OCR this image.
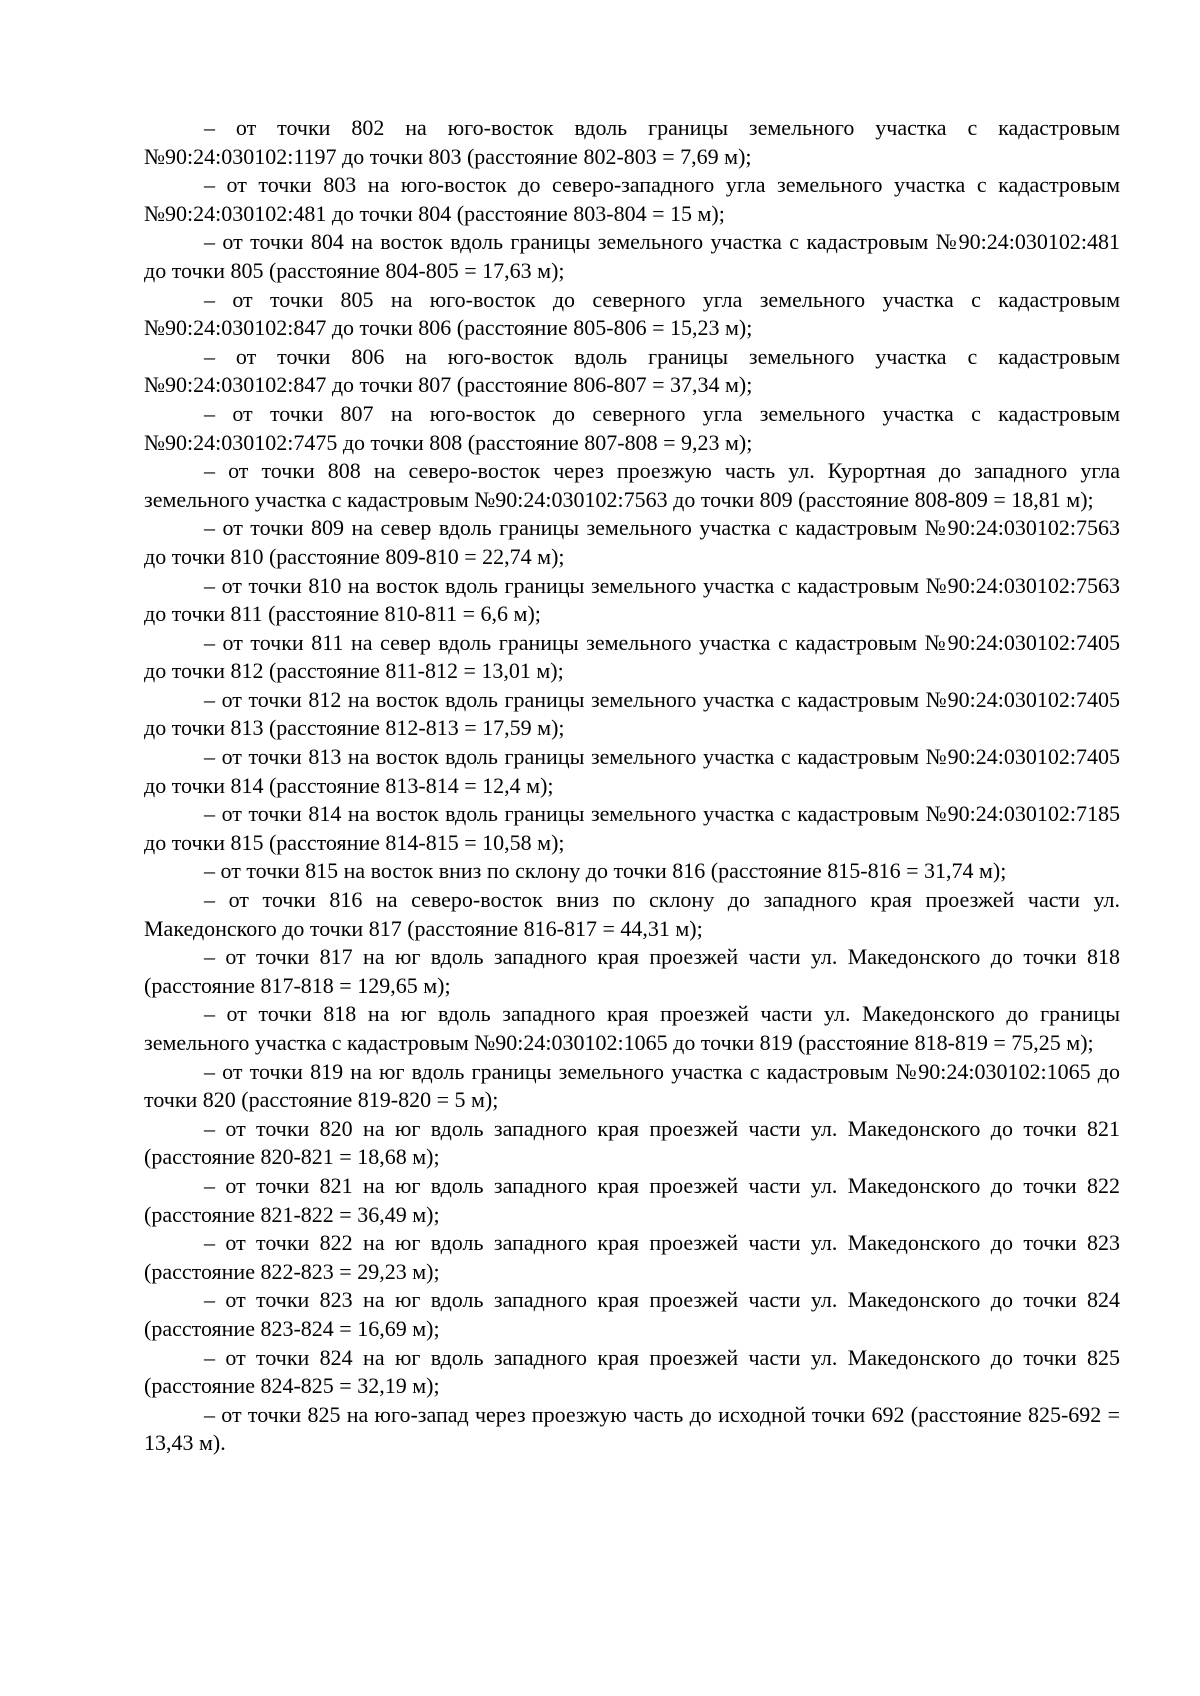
– от точки 802 на юго-восток вдоль границы земельного участка с кадастровым №90:24:030102:1197 до точки 803 (расстояние 802-803 = 7,69 м);

– от точки 803 на юго-восток до северо-западного угла земельного участка с кадастровым №90:24:030102:481 до точки 804 (расстояние 803-804 = 15 м);

– от точки 804 на восток вдоль границы земельного участка с кадастровым №90:24:030102:481 до точки 805 (расстояние 804-805 = 17,63 м);

– от точки 805 на юго-восток до северного угла земельного участка с кадастровым №90:24:030102:847 до точки 806 (расстояние 805-806 = 15,23 м);

– от точки 806 на юго-восток вдоль границы земельного участка с кадастровым №90:24:030102:847 до точки 807 (расстояние 806-807 = 37,34 м);

– от точки 807 на юго-восток до северного угла земельного участка с кадастровым №90:24:030102:7475 до точки 808 (расстояние 807-808 = 9,23 м);

– от точки 808 на северо-восток через проезжую часть ул. Курортная до западного угла земельного участка с кадастровым №90:24:030102:7563 до точки 809 (расстояние 808-809 = 18,81 м);

– от точки 809 на север вдоль границы земельного участка с кадастровым №90:24:030102:7563 до точки 810 (расстояние 809-810 = 22,74 м);

– от точки 810 на восток вдоль границы земельного участка с кадастровым №90:24:030102:7563 до точки 811 (расстояние 810-811 = 6,6 м);

– от точки 811 на север вдоль границы земельного участка с кадастровым №90:24:030102:7405 до точки 812 (расстояние 811-812 = 13,01 м);

– от точки 812 на восток вдоль границы земельного участка с кадастровым №90:24:030102:7405 до точки 813 (расстояние 812-813 = 17,59 м);

– от точки 813 на восток вдоль границы земельного участка с кадастровым №90:24:030102:7405 до точки 814 (расстояние 813-814 = 12,4 м);

– от точки 814 на восток вдоль границы земельного участка с кадастровым №90:24:030102:7185 до точки 815 (расстояние 814-815 = 10,58 м);

– от точки 815 на восток вниз по склону до точки 816 (расстояние 815-816 = 31,74 м);

– от точки 816 на северо-восток вниз по склону до западного края проезжей части ул. Македонского до точки 817 (расстояние 816-817 = 44,31 м);

– от точки 817 на юг вдоль западного края проезжей части ул. Македонского до точки 818 (расстояние 817-818 = 129,65 м);

– от точки 818 на юг вдоль западного края проезжей части ул. Македонского до границы земельного участка с кадастровым №90:24:030102:1065 до точки 819 (расстояние 818-819 = 75,25 м);

– от точки 819 на юг вдоль границы земельного участка с кадастровым №90:24:030102:1065 до точки 820 (расстояние 819-820 = 5 м);

– от точки 820 на юг вдоль западного края проезжей части ул. Македонского до точки 821 (расстояние 820-821 = 18,68 м);

– от точки 821 на юг вдоль западного края проезжей части ул. Македонского до точки 822 (расстояние 821-822 = 36,49 м);

– от точки 822 на юг вдоль западного края проезжей части ул. Македонского до точки 823 (расстояние 822-823 = 29,23 м);

– от точки 823 на юг вдоль западного края проезжей части ул. Македонского до точки 824 (расстояние 823-824 = 16,69 м);

– от точки 824 на юг вдоль западного края проезжей части ул. Македонского до точки 825 (расстояние 824-825 = 32,19 м);

– от точки 825 на юго-запад через проезжую часть до исходной точки 692 (расстояние 825-692 = 13,43 м).
